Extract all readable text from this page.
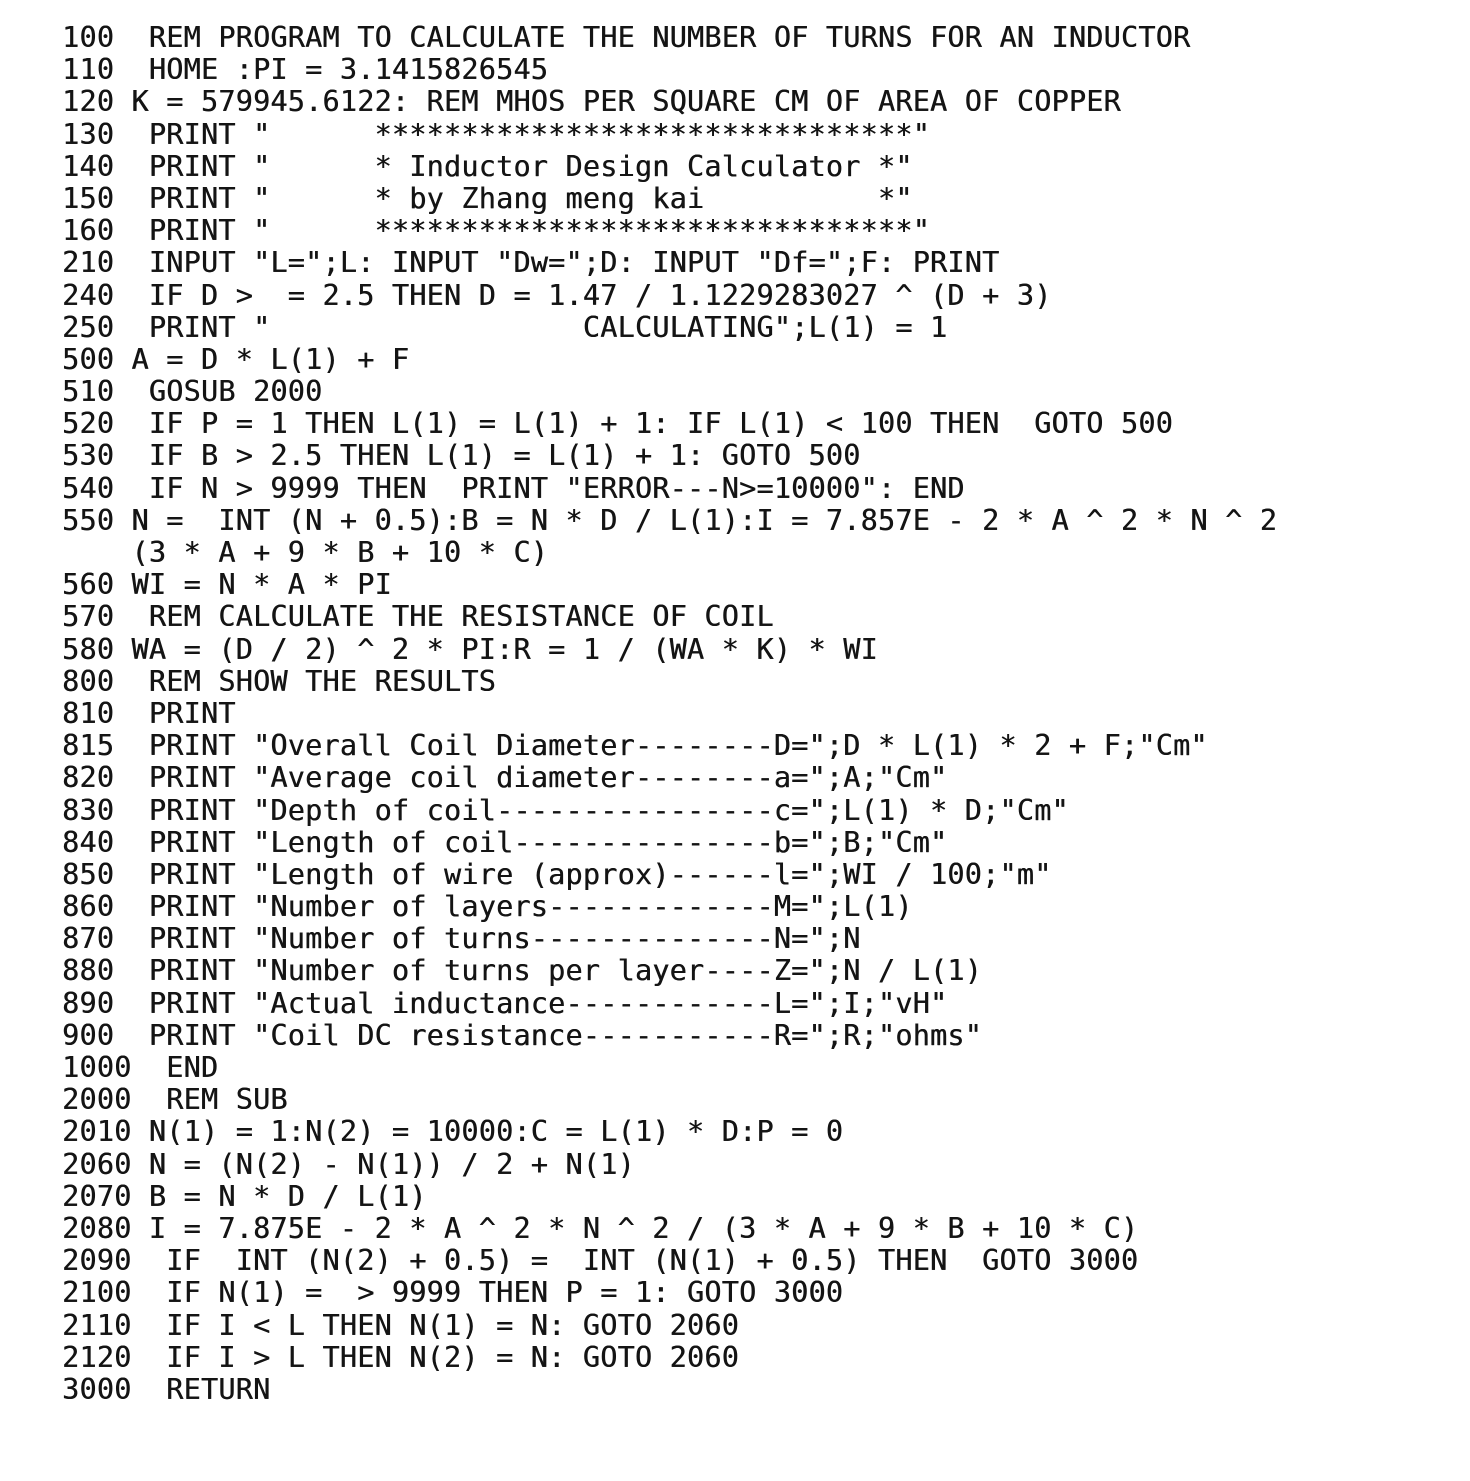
100  REM PROGRAM TO CALCULATE THE NUMBER OF TURNS FOR AN INDUCTOR
110  HOME :PI = 3.1415826545
120 K = 579945.6122: REM MHOS PER SQUARE CM OF AREA OF COPPER
130  PRINT "      *******************************"
140  PRINT "      * Inductor Design Calculator *"
150  PRINT "      * by Zhang meng kai          *"
160  PRINT "      *******************************"
210  INPUT "L=";L: INPUT "Dw=";D: INPUT "Df=";F: PRINT
240  IF D >  = 2.5 THEN D = 1.47 / 1.1229283027 ^ (D + 3)
250  PRINT "                  CALCULATING";L(1) = 1
500 A = D * L(1) + F
510  GOSUB 2000
520  IF P = 1 THEN L(1) = L(1) + 1: IF L(1) < 100 THEN  GOTO 500
530  IF B > 2.5 THEN L(1) = L(1) + 1: GOTO 500
540  IF N > 9999 THEN  PRINT "ERROR---N>=10000": END
550 N =  INT (N + 0.5):B = N * D / L(1):I = 7.857E - 2 * A ^ 2 * N ^ 2
(3 * A + 9 * B + 10 * C)
560 WI = N * A * PI
570  REM CALCULATE THE RESISTANCE OF COIL
580 WA = (D / 2) ^ 2 * PI:R = 1 / (WA * K) * WI
800  REM SHOW THE RESULTS
810  PRINT
815  PRINT "Overall Coil Diameter--------D=";D * L(1) * 2 + F;"Cm"
820  PRINT "Average coil diameter--------a=";A;"Cm"
830  PRINT "Depth of coil----------------c=";L(1) * D;"Cm"
840  PRINT "Length of coil---------------b=";B;"Cm"
850  PRINT "Length of wire (approx)------l=";WI / 100;"m"
860  PRINT "Number of layers-------------M=";L(1)
870  PRINT "Number of turns--------------N=";N
880  PRINT "Number of turns per layer----Z=";N / L(1)
890  PRINT "Actual inductance------------L=";I;"vH"
900  PRINT "Coil DC resistance-----------R=";R;"ohms"
1000  END
2000  REM SUB
2010 N(1) = 1:N(2) = 10000:C = L(1) * D:P = 0
2060 N = (N(2) - N(1)) / 2 + N(1)
2070 B = N * D / L(1)
2080 I = 7.875E - 2 * A ^ 2 * N ^ 2 / (3 * A + 9 * B + 10 * C)
2090  IF  INT (N(2) + 0.5) =  INT (N(1) + 0.5) THEN  GOTO 3000
2100  IF N(1) =  > 9999 THEN P = 1: GOTO 3000
2110  IF I < L THEN N(1) = N: GOTO 2060
2120  IF I > L THEN N(2) = N: GOTO 2060
3000  RETURN
